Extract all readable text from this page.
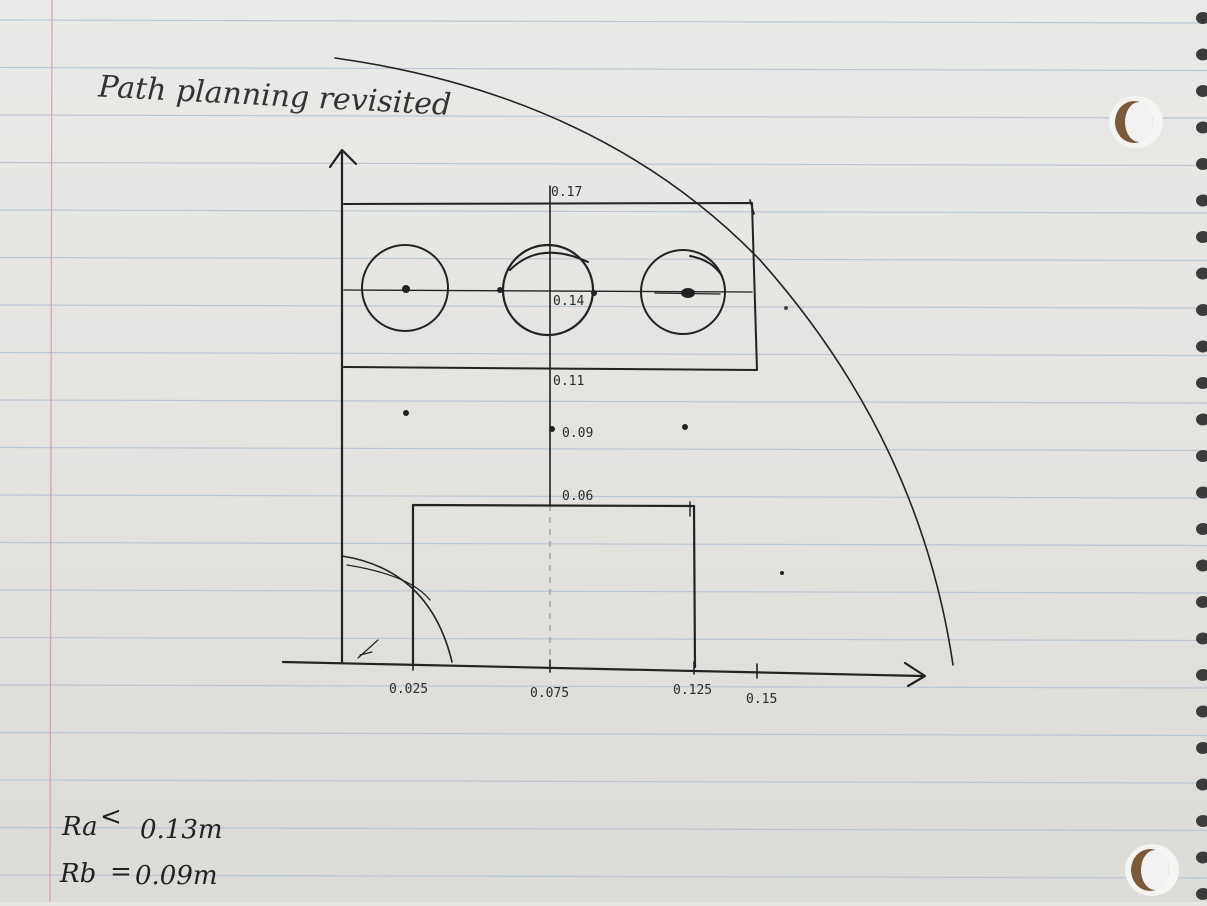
Path planning revisited
0.17
0.14
0.11
0.09
0.06
0.025	0.075	0.125
0.15
Ra < 0.13m
Rb = 0.09m
